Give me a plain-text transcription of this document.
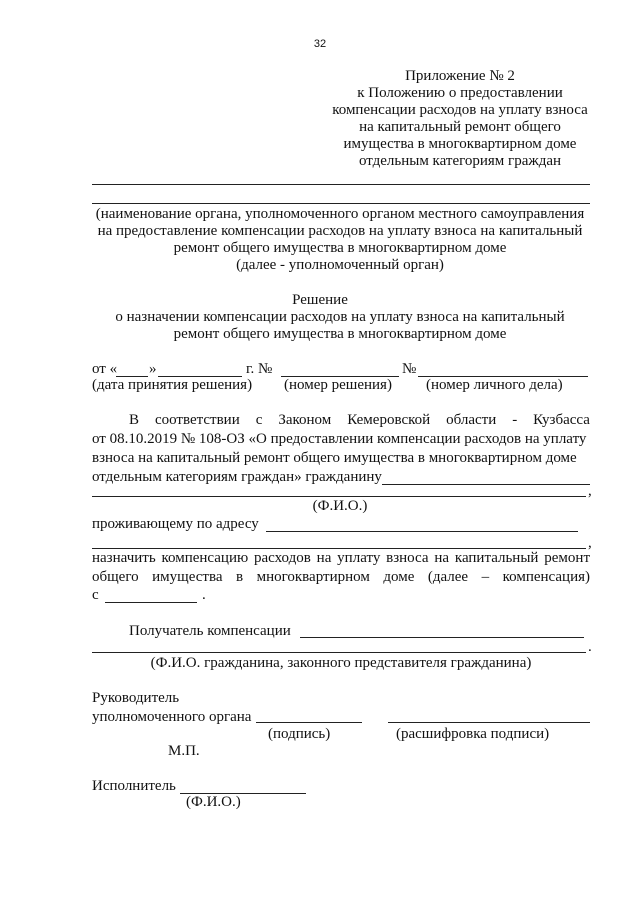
32
Приложение № 2
к Положению о предоставлении
компенсации расходов на уплату взноса
на капитальный ремонт общего
имущества в многоквартирном доме
отдельным категориям граждан
(наименование органа, уполномоченного органом местного самоуправления
на предоставление компенсации расходов на уплату взноса на капитальный
ремонт общего имущества в многоквартирном доме
(далее - уполномоченный орган)
Решение
о назначении компенсации расходов на уплату взноса на капитальный
ремонт общего имущества в многоквартирном доме
от « »	г. №	№
(дата принятия решения) (номер решения) (номер личного дела)
В соответствии с Законом Кемеровской области - Кузбасса
от 08.10.2019 № 108-ОЗ «О предоставлении компенсации расходов на уплату
взноса на капитальный ремонт общего имущества в многоквартирном доме
отдельным категориям граждан» гражданину
,
(Ф.И.О.)
проживающему по адресу
,
назначить компенсацию расходов на уплату взноса на капитальный ремонт
общего имущества в многоквартирном доме (далее – компенсация)
с	.
Получатель компенсации
.
(Ф.И.О. гражданина, законного представителя гражданина)
Руководитель
уполномоченного органа
(подпись)	(расшифровка подписи)
М.П.
Исполнитель
(Ф.И.О.)
